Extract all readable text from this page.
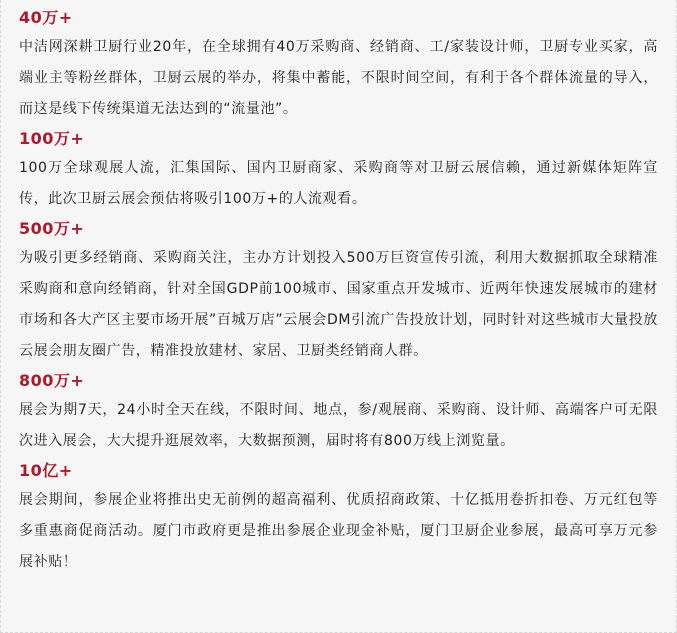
40万+

中洁网深耕卫厨行业20年，在全球拥有40万采购商、经销商、工/家装设计师，卫厨专业买家，高端业主等粉丝群体，卫厨云展的举办，将集中蓄能，不限时间空间，有利于各个群体流量的导入，而这是线下传统渠道无法达到的“流量池”。

100万+

100万全球观展人流，汇集国际、国内卫厨商家、采购商等对卫厨云展信赖，通过新媒体矩阵宣传，此次卫厨云展会预估将吸引100万+的人流观看。

500万+

为吸引更多经销商、采购商关注，主办方计划投入500万巨资宣传引流，利用大数据抓取全球精准采购商和意向经销商，针对全国GDP前100城市、国家重点开发城市、近两年快速发展城市的建材市场和各大产区主要市场开展”百城万店”云展会DM引流广告投放计划，同时针对这些城市大量投放云展会朋友圈广告，精准投放建材、家居、卫厨类经销商人群。

800万+

展会为期7天，24小时全天在线，不限时间、地点，参/观展商、采购商、设计师、高端客户可无限次进入展会，大大提升逛展效率，大数据预测，届时将有800万线上浏览量。

10亿+

展会期间，参展企业将推出史无前例的超高福利、优质招商政策、十亿抵用卷折扣卷、万元红包等多重惠商促商活动。厦门市政府更是推出参展企业现金补贴，厦门卫厨企业参展，最高可享万元参展补贴！
